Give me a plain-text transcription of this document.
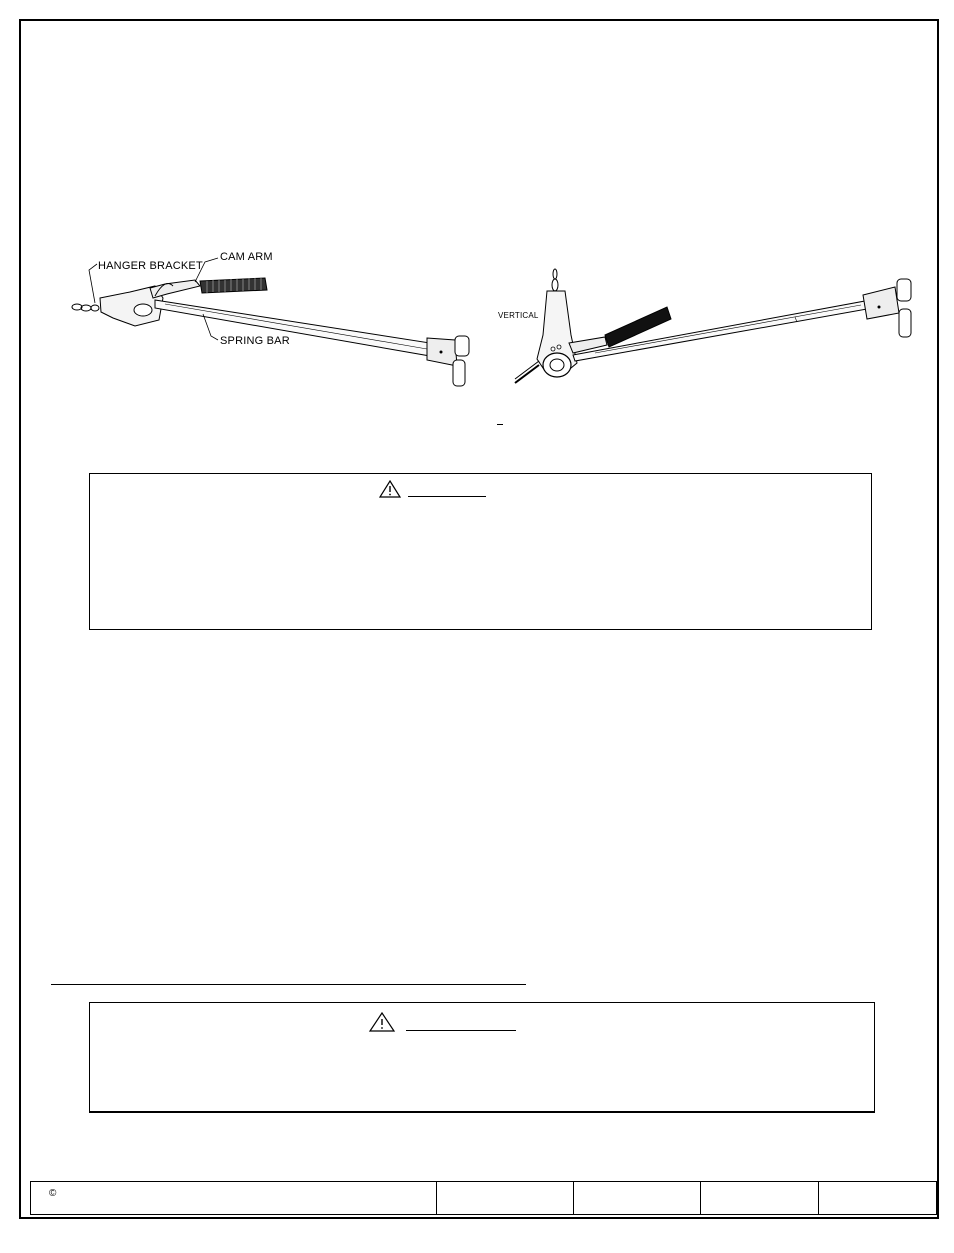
HANGER BRACKET
CAM ARM
SPRING BAR
VERTICAL
©
